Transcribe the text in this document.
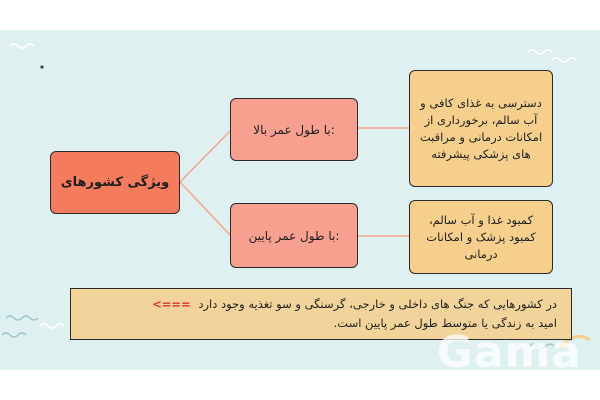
ویژگی کشورهای
با طول عمر بالا:
با طول عمر پایین:
دسترسی به غذای کافی و آب سالم، برخورداری از امکانات درمانی و مراقبت های پزشکی پیشرفته
کمبود غذا و آب سالم، کمبود پزشک و امکانات درمانی
در کشورهایی که جنگ های داخلی و خارجی، گرسنگی و سو تغذیه وجود دارد <===
امید به زندگی یا متوسط طول عمر پایین است.
Gama
